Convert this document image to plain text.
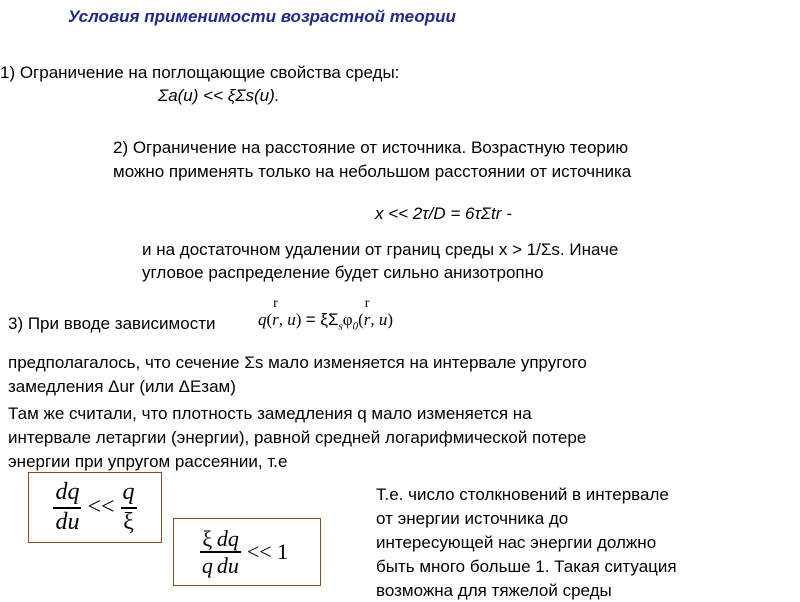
Условия применимости возрастной теории
1) Ограничение на поглощающие свойства среды:
Σa(u) << ξΣs(u).
2) Ограничение на расстояние от источника. Возрастную теорию
можно применять только на небольшом расстоянии от источника
x << 2τ/D = 6τΣtr -
и на достаточном удалении от границ среды x > 1/Σs. Иначе
угловое распределение будет сильно анизотропно
3) При вводе зависимости	q(
r
r, $u) = \xi\Sigma_s\varphi_0$(
r
r, u)
предполагалось, что сечение Σs мало изменяется на интервале упругого
замедления Δur (или ΔЕзам)
Там же считали, что плотность замедления q мало изменяется на
интервале летаргии (энергии), равной средней логарифмической потере
энергии при упругом рассеянии, т.е
$\frac{dq}{du} << \frac{q}{\xi}$
$\frac{\xi}{q} \frac{dq}{du} << 1$
Т.е. число столкновений в интервале
от энергии источника до
интересующей нас энергии должно
быть много больше 1. Такая ситуация
возможна для тяжелой среды
